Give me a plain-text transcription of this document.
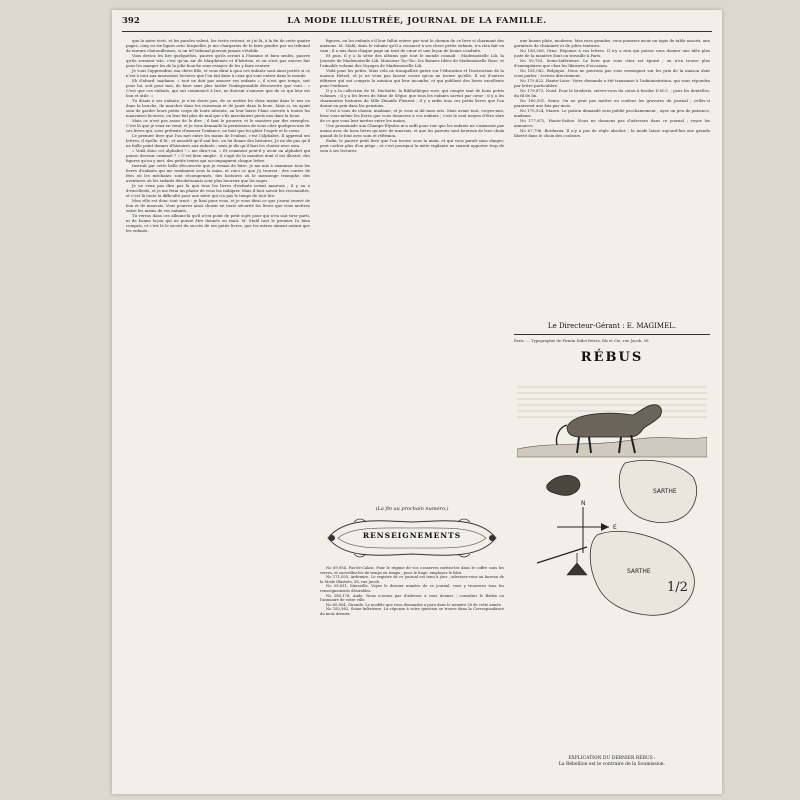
392	LA MODE ILLUSTRÉE, JOURNAL DE LA FAMILLE.

que la mère écrit, et les paroles valent, les écrits restent, et j'ai là, à la fin de cette quatre pages, cinq ou six lignes avec lesquelles je me chargerais de le faire pendre par un tribunal de mœurs chatouilleuses, si un tel tribunal pouvait jamais s'établir.

Vous deviez les lire quelquefois, pauvre qu'ils seront à l'homme et bien seules, pauvre qu'ils seraient vite, c'est qu'un air de blasphèmes et d'hérésie, et on n'est pas encore fait pour les manger les de la jolie bouche sans essayer de les y faire rentrer.

Je vous l'apprendrai, ma chère fille, et vous dirai à quoi ces enfants sont ainsi portés si ce n'est à tout aux mauvaises lectures que l'on fait faire à ceux qui vont entrer dans le monde.

Eh d'abord, madame, « tout ne doit pas amuser vos enfants », il n'est que temps, soit pour lui, soit pour moi, de faire sans plus tarder l'indispensable découverte que voici : « C'est que ces enfants, qui ont commencé à lire, ne doivent s'amuser que de ce qui leur est bon et utile. »

Tu disais à ses enfants, je n'en doute pas, de se mettre les deux mains dans le nez ou dans la bouche, de marcher dans les ruisseaux et de jouer dans la boue. Mais si, en ayant soin de garder leurs petits corps de toute atteinte, on leur laisse l'âme ouverte à toutes les mauvaises lectures, on leur fait plus de mal que s'ils marchaient pieds nus dans la boue.

Mais ce n'est pas assez de le dire ; il faut le prouver, et le montrer par des exemples. C'est là que je veux en venir, et je vous demande la permission de vous citer quelques-uns de ces livres qui, sous prétexte d'amuser l'enfance, ne font que lui gâter l'esprit et le cœur.

Le premier livre que l'on met entre les mains de l'enfant, c'est l'alphabet. Il apprend ses lettres, il épelle, il lit ; et aussitôt qu'il sait lire, on lui donne des histoires. Je ne dis pas qu'il ne faille point donner d'histoires aux enfants ; mais je dis qu'il faut les choisir avec soin.

« Voilà donc cet alphabet ! » me dira-t-on. « Et comment peut-il y avoir un alphabet qui puisse devenir criminel ? » C'est bien simple : il s'agit de la manière dont il est illustré, des figures qu'on y met, des petits textes qui accompagnent chaque lettre.

Instruit par cette belle découverte que je venais de faire, je me mis à examiner tous les livres d'enfants qui me tombaient sous la main, et voici ce que j'y trouvai : des contes de fées où les méchants sont récompensés, des histoires où le mensonge triomphe, des aventures où les enfants désobéissants sont plus heureux que les sages.

Je ne veux pas dire par là que tous les livres d'enfants soient mauvais ; il y en a d'excellents, et je me ferai un plaisir de vous les indiquer. Mais il faut savoir les reconnaître, et c'est là toute la difficulté pour une mère qui n'a pas le temps de tout lire.

Mon rôle est donc tout tracé : je lirai pour vous, et je vous dirai ce que j'aurai trouvé de bon et de mauvais. Vous pourrez ainsi choisir en toute sécurité les livres que vous mettrez entre les mains de vos enfants.

Tu verras dans ces albums-là qu'il n'est point de petit sujet pour qui n'en sait tirer parti, ni de bonne leçon qui ne puisse être donnée en riant. M. Stahl tout le premier l'a bien compris, et c'est là le secret du succès de ses petits livres, que les mères aiment autant que les enfants.

figures, on les enfants s'il leur fallut entrer par tout le chemin de ce livre si charmant des maisons. M. Stahl, dans le volume qu'il a consacré à ses chers petits enfants, n'a rien fait en vain ; il a mis dans chaque page un trait de cœur et une leçon de bonne conduite.

Et puis, il y a la série des albums que tout le monde connaît : Mademoiselle Lili, la Journée de Mademoiselle Lili, Monsieur Toc-Toc, les Bonnes Idées de Mademoiselle Rose, et l'aimable volume des Voyages de Mademoiselle Lili.

Voilà pour les petits. Mais cela ne tranquillise guère sur l'éducation et l'instruction de la maison Hetzel, et je ne veux pas laisser croire qu'on ne trouve qu'elle. Il est d'autres éditeurs qui ont compris la mission qui leur incombe, et qui publient des livres excellents pour l'enfance.

Il y a la collection de M. Hachette, la Bibliothèque rose, qui compte tant de bons petits volumes ; il y a les livres de Mme de Ségur, que tous les enfants savent par cœur ; il y a les charmantes histoires de Mlle Zénaïde Fleuriot ; il y a enfin tous ces petits livres que l'on donne en prix dans les pensions.

C'est à vous de choisir, madame, et je vous ai dit mon avis. Mais avant tout, croyez-moi, lisez vous-même les livres que vous donnerez à vos enfants ; c'est le seul moyen d'être sûre de ce que vous leur mettez entre les mains.

Une promenade aux Champs-Élysées m'a suffi pour voir que les enfants ne s'amusent pas moins avec de bons livres qu'avec de mauvais, et que les parents sont heureux de leur choix quand ils le font avec soin et réflexion.

Enfin, le pauvre petit livre que l'on trouve sous la main, et qui vous paraît sans danger, peut cacher plus d'un piège ; et c'est pourquoi la mère vigilante ne saurait apporter trop de soin à ses lectures.

(La fin au prochain numéro.)
RENSEIGNEMENTS

No 69,954, Pas-de-Calais. Pour le régime de vos conserves mettez-les dans le coffre sous les verres, et surveillez-les de temps en temps ; pour le linge, employez le bleu.

No 171,055, Ardennes. Le registre de ce journal est tenu à jour ; adressez-vous au bureau de la Mode illustrée, 56, rue Jacob.

No 59,631, Marseille. Voyez le dernier numéro de ce journal, vous y trouverez tous les renseignements désirables.

No 180,178, Aude. Nous n'avons pas d'adresse à vous donner ; consultez le Bottin ou l'annuaire de votre ville.

No 60,804, Gironde. Le modèle que vous demandez a paru dans le numéro 28 de cette année.

No 182,982, Seine-Inférieure. La réponse à votre question se trouve dans la Correspondance du mois dernier.

une bonne plate, moderne. Mes rues grandes, vous pourriez avoir un tapis de table assorti, une garniture de cheminée et de jolies tentures.

No 180,306, Orne. Réponse à vos lettres. Il n'y a rien qui puisse vous donner une idée plus juste de la manière dont on travaille à Paris.

No 59,783, Seine-Inférieure. Le livre que vous citez est épuisé ; on n'en trouve plus d'exemplaires que chez les libraires d'occasion.

No 181,082, Belgique. Nous ne pouvons pas vous renseigner sur les prix de la maison dont vous parlez ; écrivez directement.

No 179,822, Haute-Loire. Votre demande a été transmise à l'administration, qui vous répondra par lettre particulière.

No 179,873, Nord. Pour le broderie, servez-vous du coton à broder D.M.C. ; pour les dentelles, du fil de lin.

No 180,591, Seine. On ne peut pas mettre en couleur les gravures du journal ; celles-ci paraissent une fois par mois.

No 179,924, Marne. Le patron demandé sera publié prochainement ; ayez un peu de patience, madame.

No 177,872, Haute-Saône. Nous ne donnons pas d'adresses dans ce journal ; voyez les annonces.

No 67,796, Bordeaux. Il n'y a pas de règle absolue ; la mode laisse aujourd'hui une grande liberté dans le choix des couleurs.

Le Directeur-Gérant : E. MAGIMEL.
Paris. — Typographie de Firmin Didot frères, fils et Cie, rue Jacob, 56.
RÉBUS
SARTHE
N
E
SARTHE
1/2
EXPLICATION DU DERNIER RÉBUS :
La Rébellion est le contraire de la Soumission.
